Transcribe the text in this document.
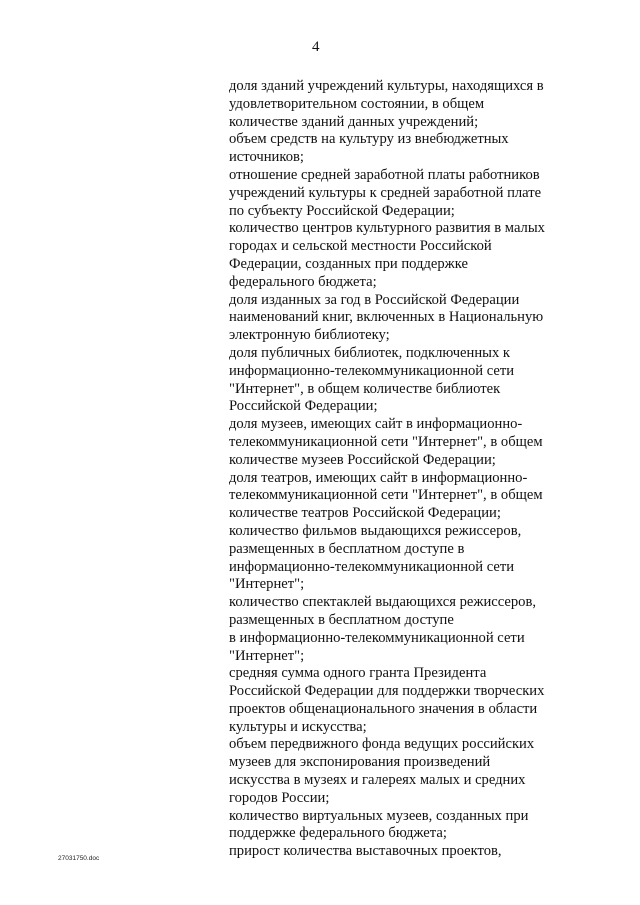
4
доля зданий учреждений культуры, находящихся в
удовлетворительном состоянии, в общем
количестве зданий данных учреждений;
объем средств на культуру из внебюджетных
источников;
отношение средней заработной платы работников
учреждений культуры к средней заработной плате
по субъекту Российской Федерации;
количество центров культурного развития в малых
городах и сельской местности Российской
Федерации, созданных при поддержке
федерального бюджета;
доля изданных за год в Российской Федерации
наименований книг, включенных в Национальную
электронную библиотеку;
доля публичных библиотек, подключенных к
информационно-телекоммуникационной сети
"Интернет", в общем количестве библиотек
Российской Федерации;
доля музеев, имеющих сайт в информационно-
телекоммуникационной сети "Интернет", в общем
количестве музеев Российской Федерации;
доля театров, имеющих сайт в информационно-
телекоммуникационной сети "Интернет", в общем
количестве театров Российской Федерации;
количество фильмов выдающихся режиссеров,
размещенных в бесплатном доступе в
информационно-телекоммуникационной сети
"Интернет";
количество спектаклей выдающихся режиссеров,
размещенных в бесплатном доступе
в информационно-телекоммуникационной сети
"Интернет";
средняя сумма одного гранта Президента
Российской Федерации для поддержки творческих
проектов общенационального значения в области
культуры и искусства;
объем передвижного фонда ведущих российских
музеев для экспонирования произведений
искусства в музеях и галереях малых и средних
городов России;
количество виртуальных музеев, созданных при
поддержке федерального бюджета;
прирост количества выставочных проектов,
27031750.doc
